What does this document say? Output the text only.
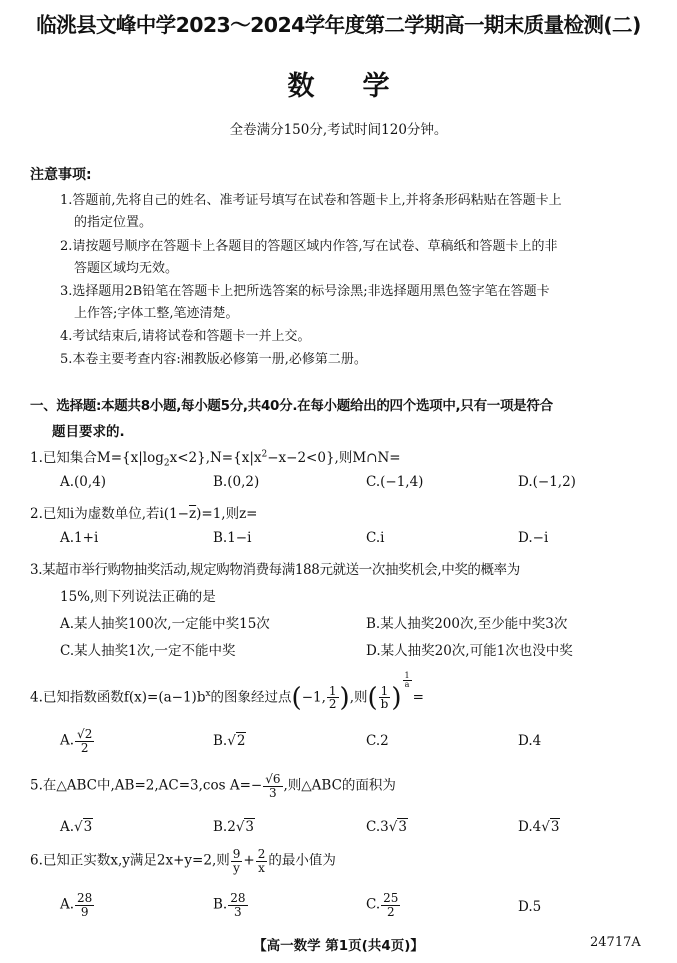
临洮县文峰中学2023～2024学年度第二学期高一期末质量检测(二)
数 学
全卷满分150分,考试时间120分钟。
注意事项:
1.答题前,先将自己的姓名、准考证号填写在试卷和答题卡上,并将条形码粘贴在答题卡上
的指定位置。
2.请按题号顺序在答题卡上各题目的答题区域内作答,写在试卷、草稿纸和答题卡上的非
答题区域均无效。
3.选择题用2B铅笔在答题卡上把所选答案的标号涂黑;非选择题用黑色签字笔在答题卡
上作答;字体工整,笔迹清楚。
4.考试结束后,请将试卷和答题卡一并上交。
5.本卷主要考查内容:湘教版必修第一册,必修第二册。
一、选择题:本题共8小题,每小题5分,共40分.在每小题给出的四个选项中,只有一项是符合
题目要求的.
1.已知集合$M=\{x|\log_2x<2\},N=\{x|x^2-x-2<0\}$,则M∩N=
A.(0,4)	B.(0,2)	C.(−1,4)	D.(−1,2)
2.已知i为虚数单位,若$i(1-\overline{z})=1$,则z=
A.1+i	B.1−i	C.i	D.−i
3.某超市举行购物抽奖活动,规定购物消费每满188元就送一次抽奖机会,中奖的概率为
15%,则下列说法正确的是
A.某人抽奖100次,一定能中奖15次	B.某人抽奖200次,至少能中奖3次
C.某人抽奖1次,一定不能中奖	D.某人抽奖20次,可能1次也没中奖
4.已知指数函数$f(x)=(a-1)b^x$的图象经过点(−1, $\frac{1}{2}$ ),则( $\frac{1}{b}$ )
$\frac{1}{a}$
=
A. $\frac{√2}{2}$	B.√2	C.2	D.4
5.在△ABC中,AB=2,AC=3,cos $A=- \frac{√6}{3}$ ,则△ABC的面积为
A.√3	B.2√3	C.3√3	D.4√3
6.已知正实数x,y满足2x+y=2,则 $\frac{9}{y} + \frac{2}{x}$ 的最小值为
A. $\frac{28}{9}$	B. $\frac{28}{3}$	C. $\frac{25}{2}$	D.5
【高一数学 第1页(共4页)】	24717A
